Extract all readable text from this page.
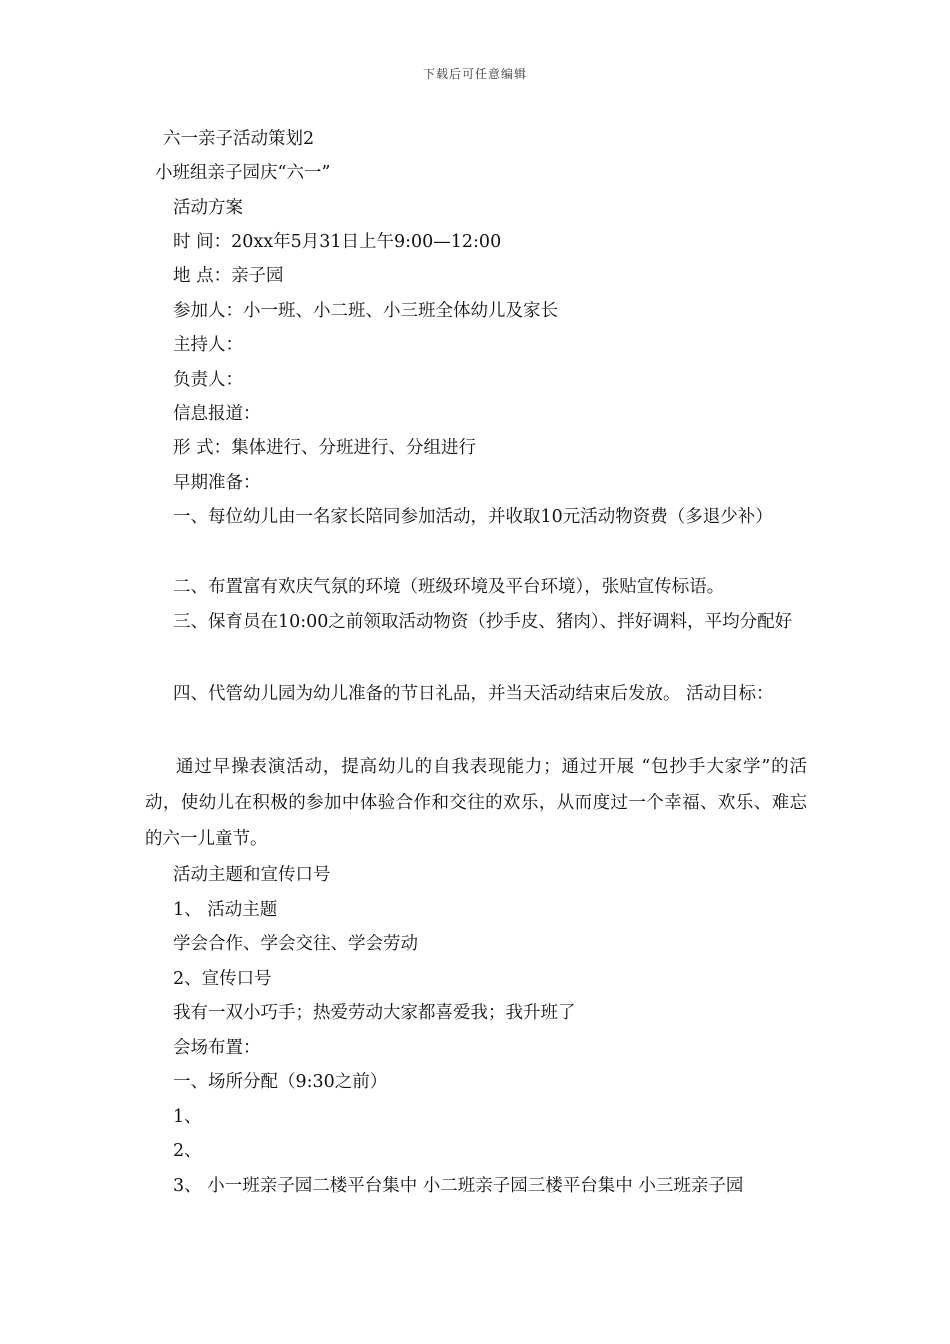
下载后可任意编辑
六一亲子活动策划2
小班组亲子园庆“六一”
活动方案
时 间：20xx年5月31日上午9:00—12:00
地 点：亲子园
参加人：小一班、小二班、小三班全体幼儿及家长
主持人：
负责人：
信息报道：
形 式：集体进行、分班进行、分组进行
早期准备：
一、每位幼儿由一名家长陪同参加活动，并收取10元活动物资费（多退少补）
二、布置富有欢庆气氛的环境（班级环境及平台环境），张贴宣传标语。
三、保育员在10:00之前领取活动物资（抄手皮、猪肉）、拌好调料，平均分配好
四、代管幼儿园为幼儿准备的节日礼品，并当天活动结束后发放。 活动目标：
通过早操表演活动，提高幼儿的自我表现能力；通过开展 “包抄手大家学”的活动，使幼儿在积极的参加中体验合作和交往的欢乐，从而度过一个幸福、欢乐、难忘的六一儿童节。
活动主题和宣传口号
1、 活动主题
学会合作、学会交往、学会劳动
2、宣传口号
我有一双小巧手；热爱劳动大家都喜爱我；我升班了
会场布置：
一、场所分配（9:30之前）
1、
2、
3、 小一班亲子园二楼平台集中 小二班亲子园三楼平台集中 小三班亲子园
